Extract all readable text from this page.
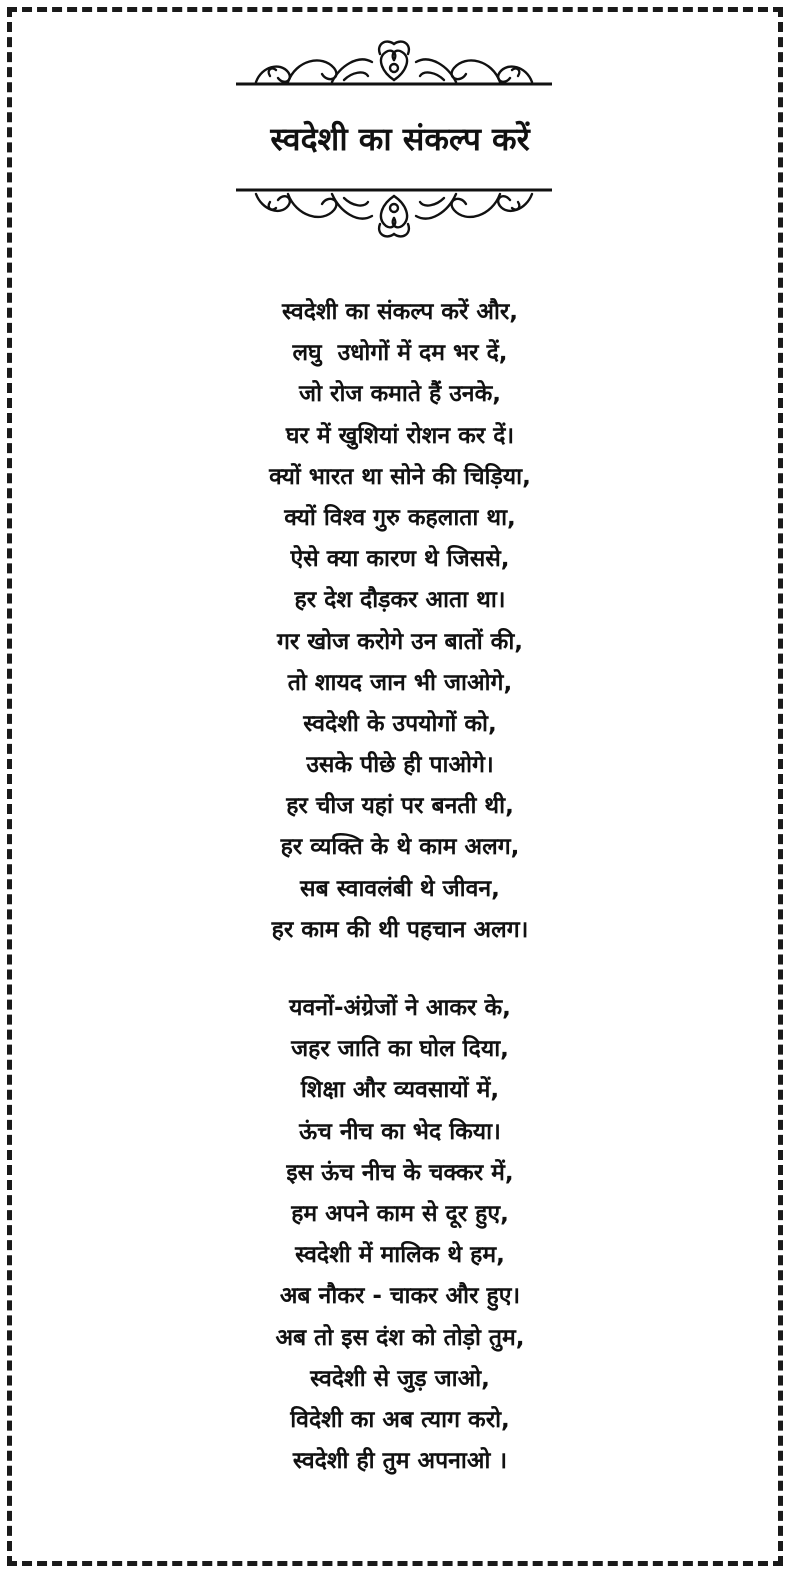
स्वदेशी का संकल्प करें
स्वदेशी का संकल्प करें और,
लघु  उधोगों में दम भर दें,
जो रोज कमाते हैं उनके,
घर में खुशियां रोशन कर दें।
क्यों भारत था सोने की चिड़िया,
क्यों विश्व गुरु कहलाता था,
ऐसे क्या कारण थे जिससे,
हर देश दौड़कर आता था।
गर खोज करोगे उन बातों की,
तो शायद जान भी जाओगे,
स्वदेशी के उपयोगों को,
उसके पीछे ही पाओगे।
हर चीज यहां पर बनती थी,
हर व्यक्ति के थे काम अलग,
सब स्वावलंबी थे जीवन,
हर काम की थी पहचान अलग।
यवनों-अंग्रेजों ने आकर के,
जहर जाति का घोल दिया,
शिक्षा और व्यवसायों में,
ऊंच नीच का भेद किया।
इस ऊंच नीच के चक्कर में,
हम अपने काम से दूर हुए,
स्वदेशी में मालिक थे हम,
अब नौकर - चाकर और हुए।
अब तो इस दंश को तोड़ो तुम,
स्वदेशी से जुड़ जाओ,
विदेशी का अब त्याग करो,
स्वदेशी ही तुम अपनाओ ।
